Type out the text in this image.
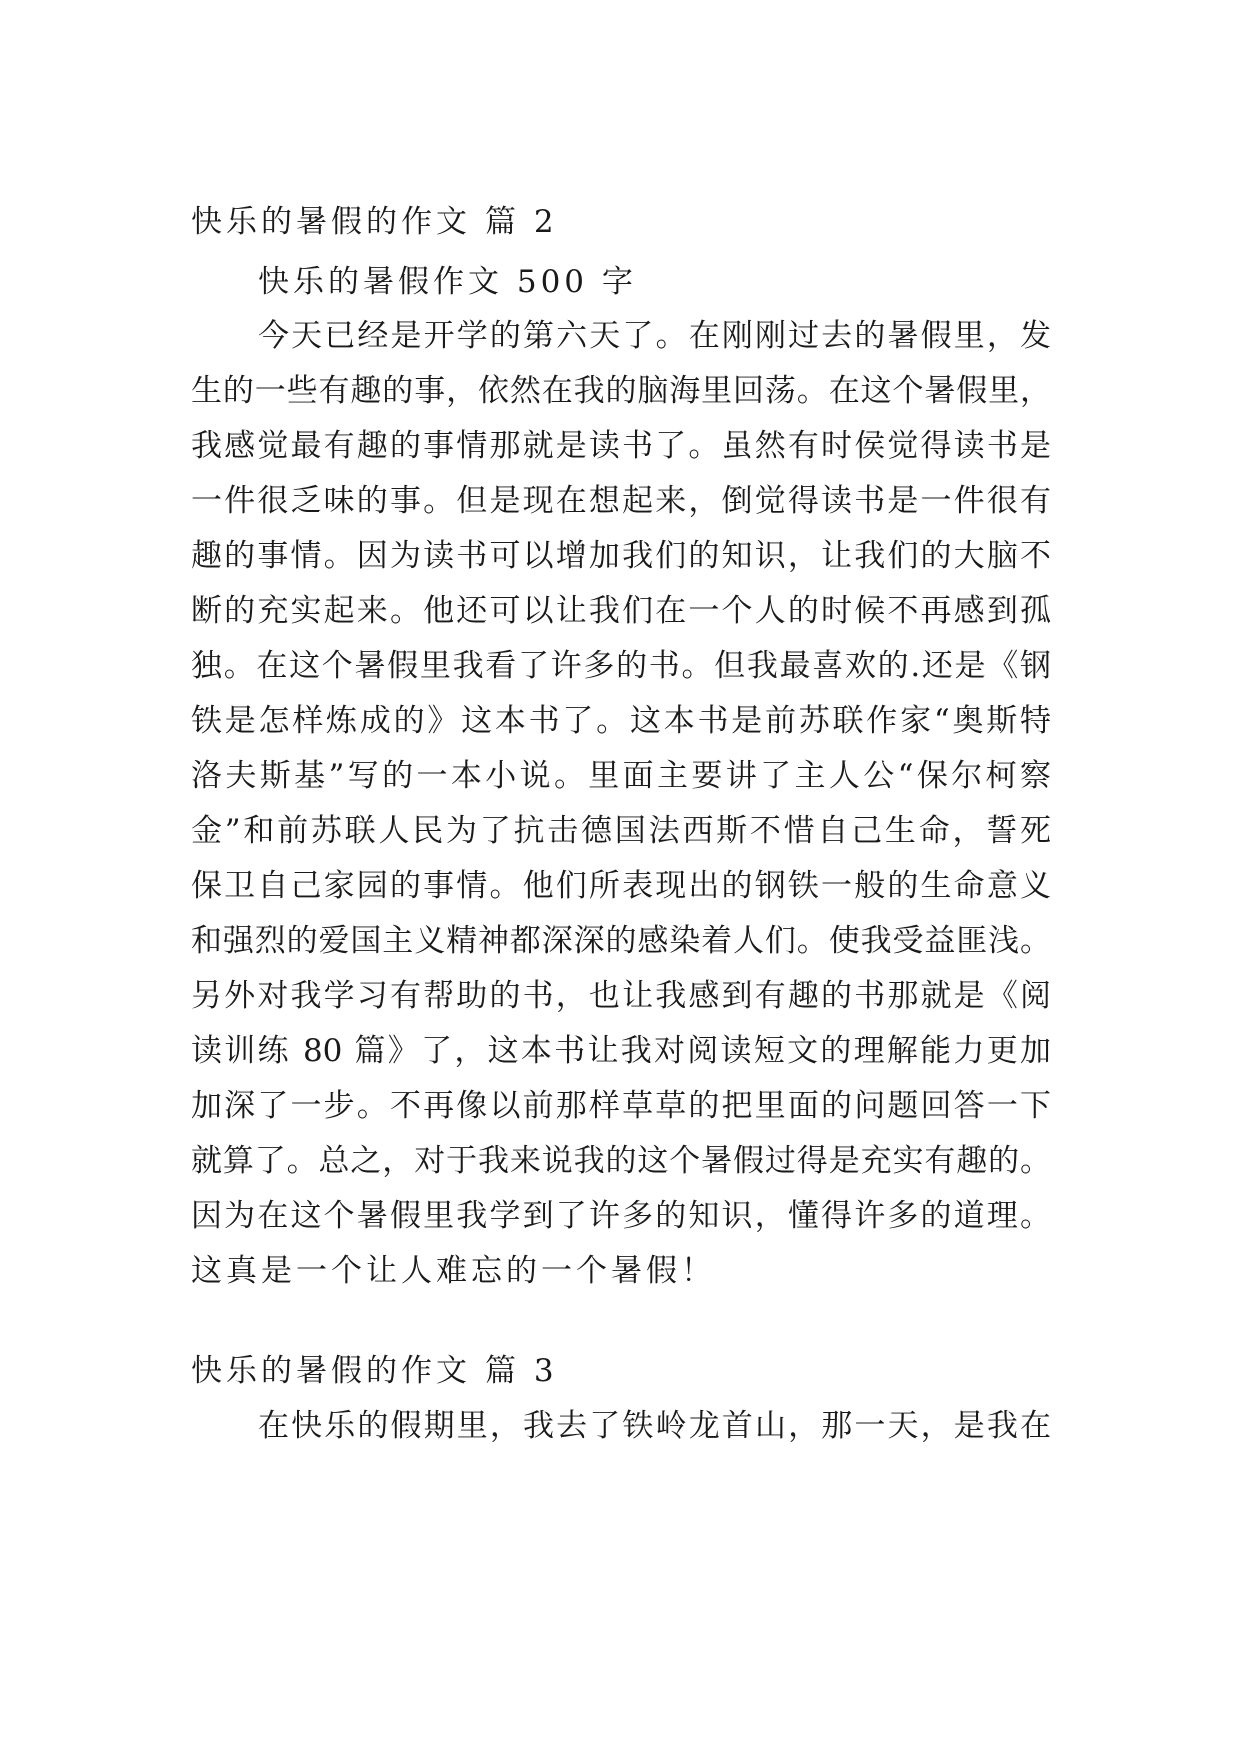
快乐的暑假的作文 篇 2
快乐的暑假作文 500 字
今天已经是开学的第六天了。在刚刚过去的暑假里，发
生的一些有趣的事，依然在我的脑海里回荡。在这个暑假里，
我感觉最有趣的事情那就是读书了。虽然有时侯觉得读书是
一件很乏味的事。但是现在想起来，倒觉得读书是一件很有
趣的事情。因为读书可以增加我们的知识，让我们的大脑不
断的充实起来。他还可以让我们在一个人的时候不再感到孤
独。在这个暑假里我看了许多的书。但我最喜欢的.还是《钢
铁是怎样炼成的》这本书了。这本书是前苏联作家“奥斯特
洛夫斯基”写的一本小说。里面主要讲了主人公“保尔柯察
金”和前苏联人民为了抗击德国法西斯不惜自己生命，誓死
保卫自己家园的事情。他们所表现出的钢铁一般的生命意义
和强烈的爱国主义精神都深深的感染着人们。使我受益匪浅。
另外对我学习有帮助的书，也让我感到有趣的书那就是《阅
读训练 80 篇》了，这本书让我对阅读短文的理解能力更加
加深了一步。不再像以前那样草草的把里面的问题回答一下
就算了。总之，对于我来说我的这个暑假过得是充实有趣的。
因为在这个暑假里我学到了许多的知识，懂得许多的道理。
这真是一个让人难忘的一个暑假！
快乐的暑假的作文 篇 3
在快乐的假期里，我去了铁岭龙首山，那一天，是我在
